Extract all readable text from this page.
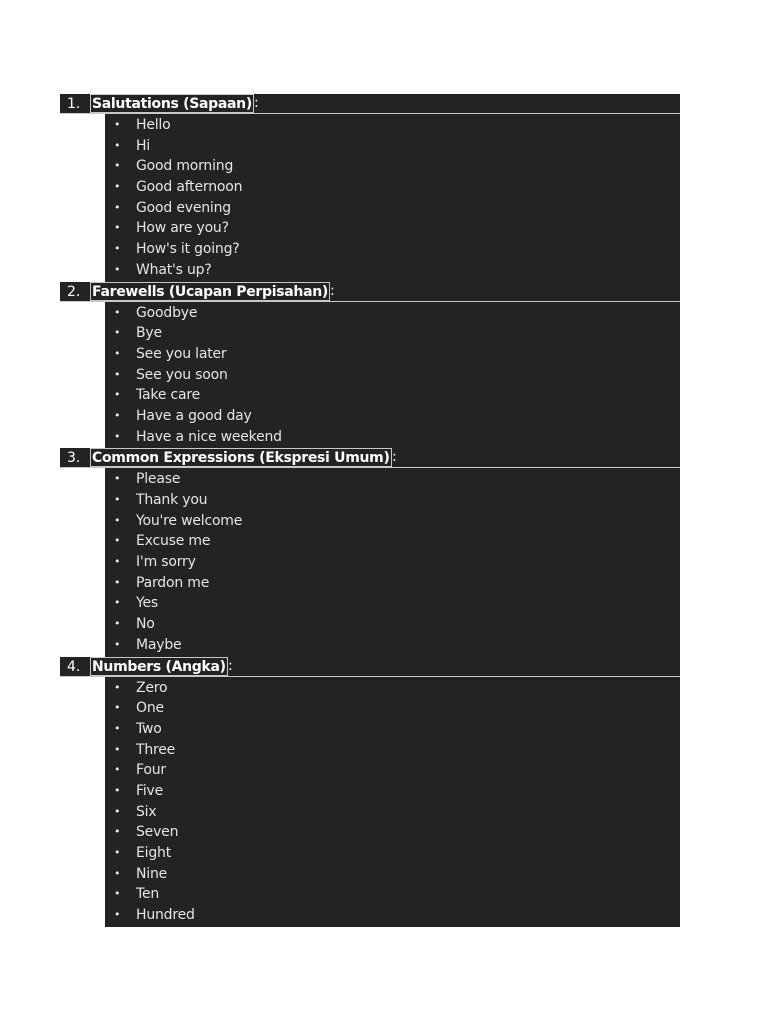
1. Salutations (Sapaan) :
• Hello
• Hi
• Good morning
• Good afternoon
• Good evening
• How are you?
• How's it going?
• What's up?
2. Farewells (Ucapan Perpisahan) :
• Goodbye
• Bye
• See you later
• See you soon
• Take care
• Have a good day
• Have a nice weekend
3. Common Expressions (Ekspresi Umum) :
• Please
• Thank you
• You're welcome
• Excuse me
• I'm sorry
• Pardon me
• Yes
• No
• Maybe
4. Numbers (Angka) :
• Zero
• One
• Two
• Three
• Four
• Five
• Six
• Seven
• Eight
• Nine
• Ten
• Hundred
